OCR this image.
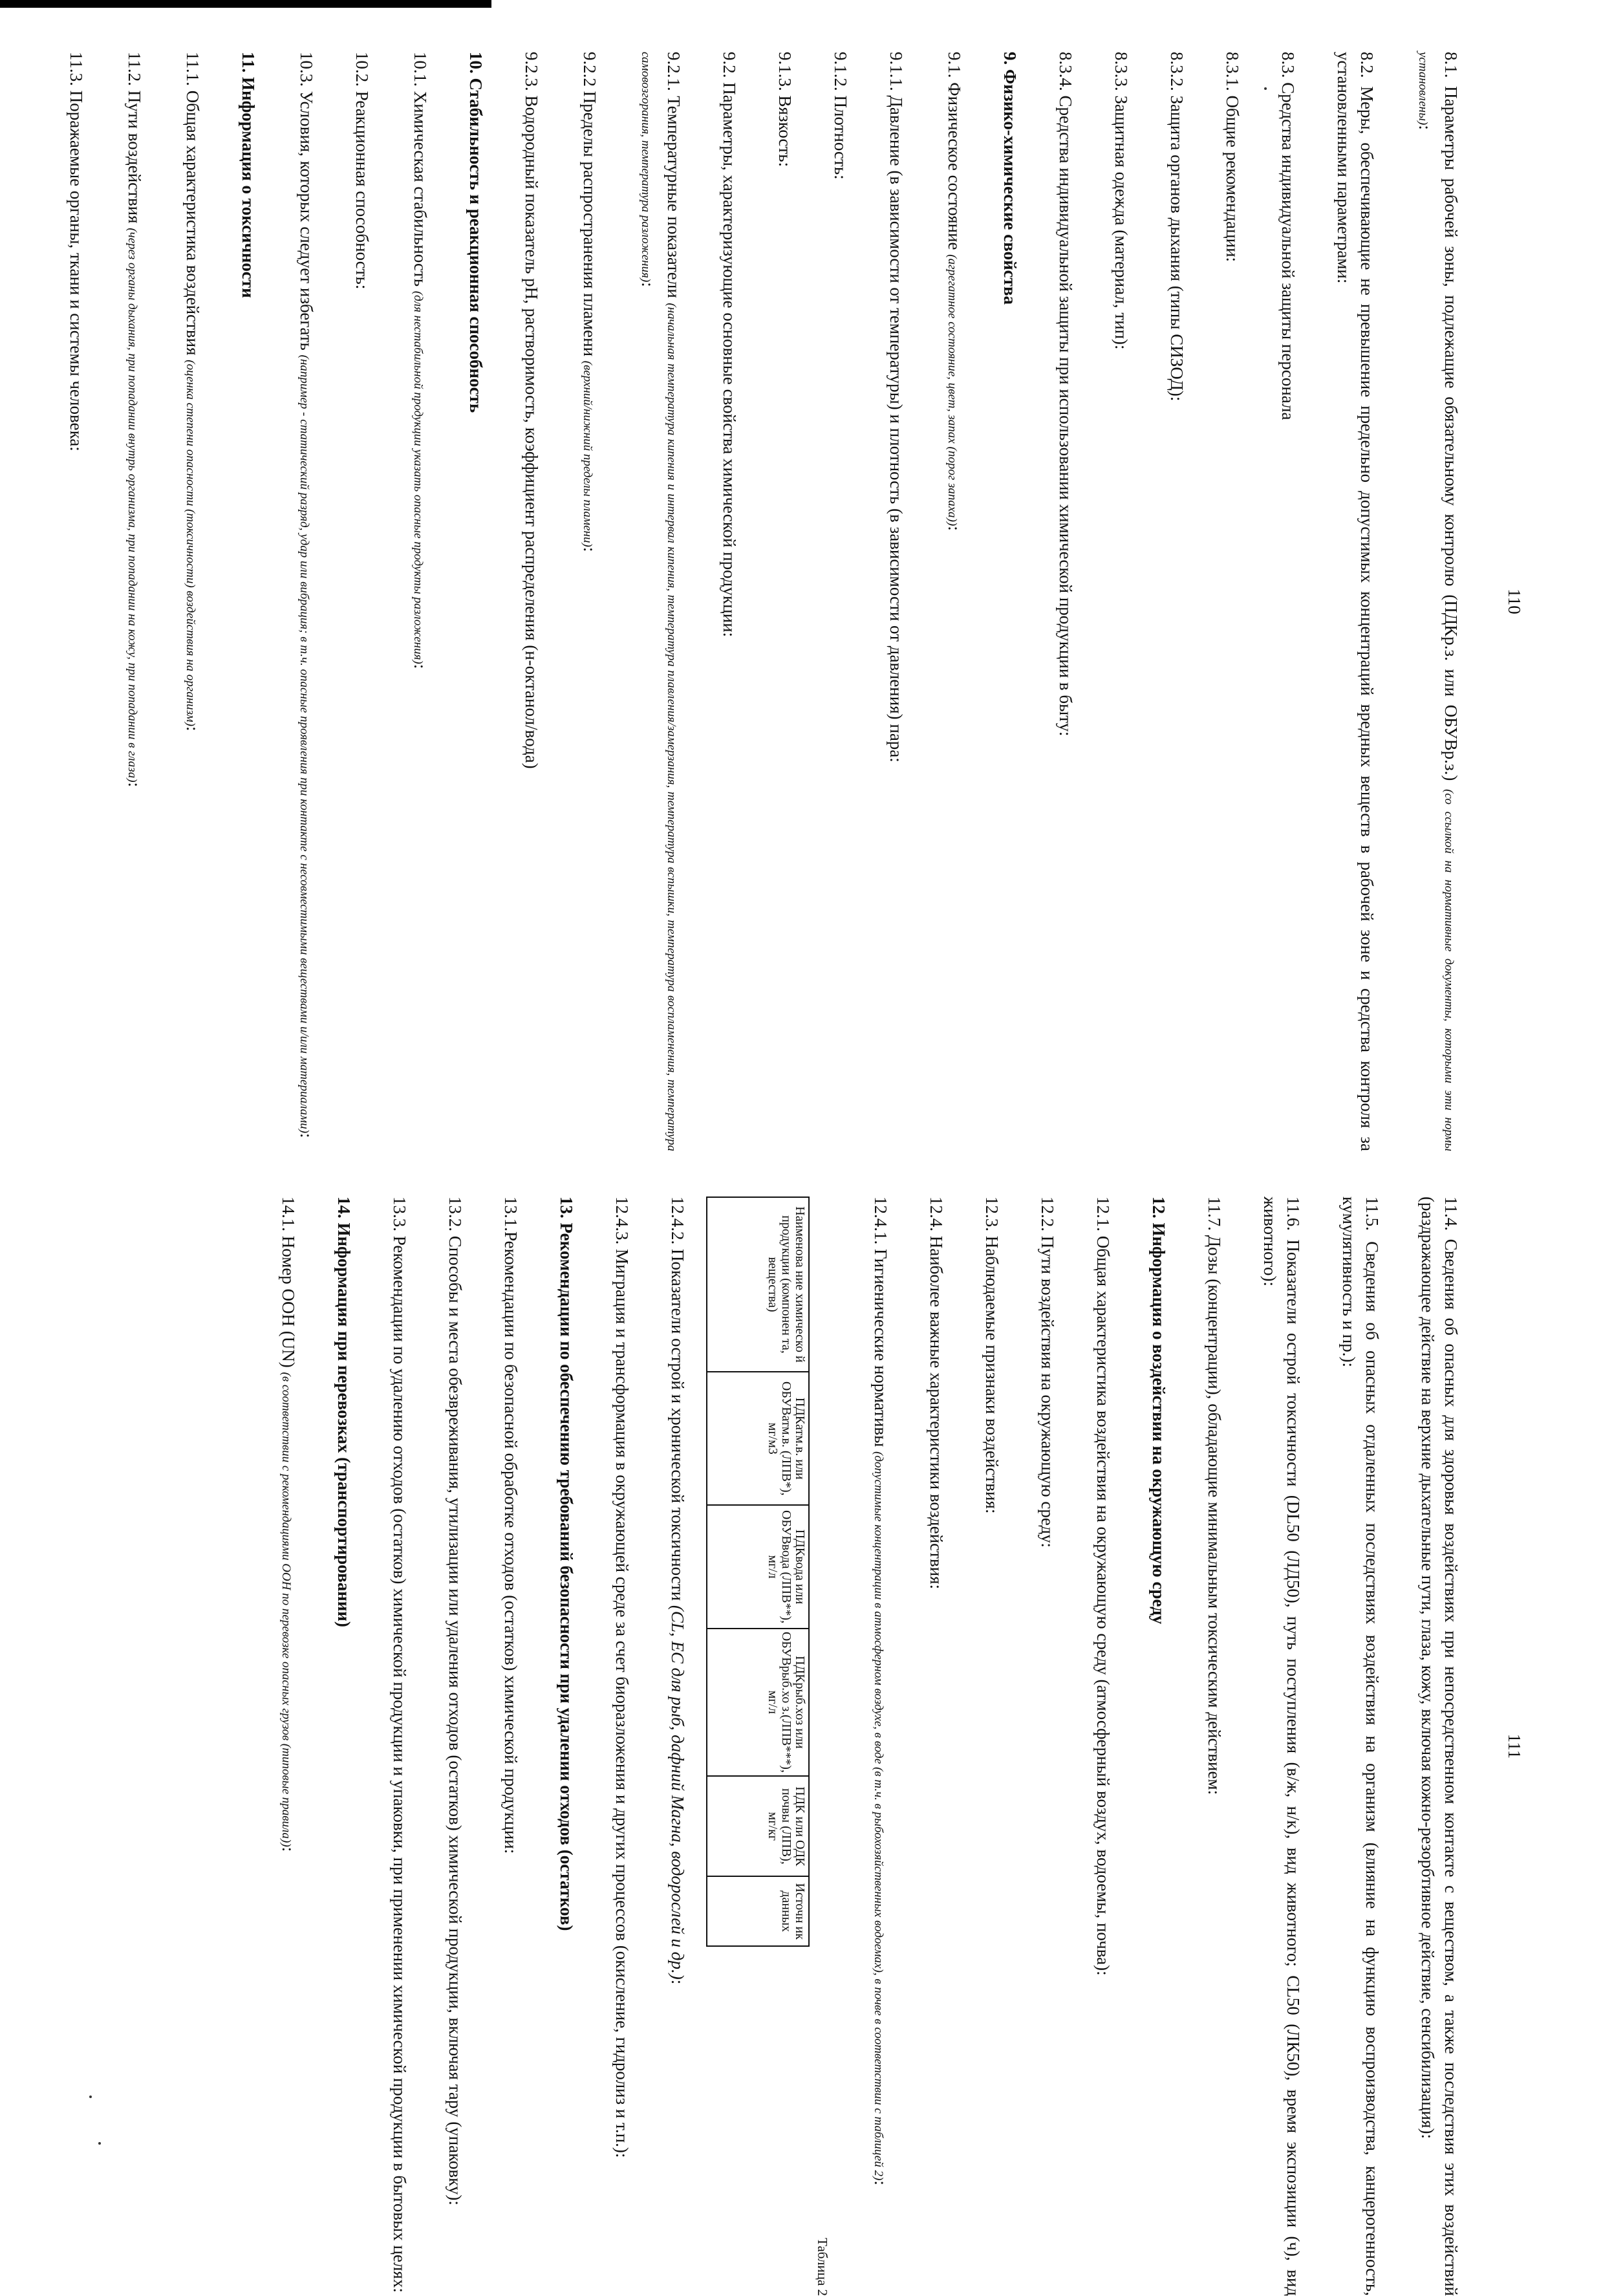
111

11.4. Сведения об опасных для здоровья воздействиях при непосредственном контакте с веществом, а также последствия этих воздействий (раздражающее действие на верхние дыхательные пути, глаза, кожу, включая кожно-резорбтивное действие, сенсибилизация):

11.5. Сведения об опасных отдаленных последствиях воздействия на организм (влияние на функцию воспроизводства, канцерогенность, кумулятивность и пр.):

11.6. Показатели острой токсичности (DL50 (ЛД50), путь поступления (в/ж, н/к), вид животного; CL50 (ЛК50), время экспозиции (ч), вид животного):

11.7. Дозы (концентрации), обладающие минимальным токсическим действием:

12. Информация о воздействии на окружающую среду

12.1. Общая характеристика воздействия на окружающую среду (атмосферный воздух, водоемы, почва):

12.2. Пути воздействия на окружающую среду:

12.3. Наблюдаемые признаки воздействия:

12.4. Наиболее важные характеристики воздействия:

12.4.1. Гигиенические нормативы (допустимые концентрации в атмосферном воздухе, в воде (в т.ч. в рыбохозяйственных водоемах), в почве в соответствии с таблицей 2):

Таблица 2

Наименова ние химическо й продукции (компонен та, вещества)	ПДКатм.в. или ОБУВатм.в. (ЛПВ*), мг/м3	ПДКвода или ОБУВвода (ЛПВ**), мг/л	ПДКрыб.хоз или ОБУВрыб.хо з.(ЛПВ***), мг/л	ПДК или ОДК почвы (ЛПВ), мг/кг	Источн ик данных

12.4.2. Показатели острой и хронической токсичности (CL, EC для рыб, дафний Магна, водорослей и др.):

12.4.3. Миграция и трансформация в окружающей среде за счет биоразложения и других процессов (окисление, гидролиз и т.п.):

13. Рекомендации по обеспечению требований безопасности при удалении отходов (остатков)

13.1.Рекомендации по безопасной обработке отходов (остатков) химической продукции:

13.2. Способы и места обезвреживания, утилизации или удаления отходов (остатков) химической продукции, включая тару (упаковку):

13.3. Рекомендации по удалению отходов (остатков) химической продукции и упаковки, при применении химической продукции в бытовых целях:

14. Информация при перевозках (транспортировании)

14.1. Номер ООН (UN) (в соответствии с рекомендациями ООН по перевозке опасных грузов (типовые правила)):

110

8.1. Параметры рабочей зоны, подлежащие обязательному контролю (ПДКр.з. или ОБУВр.з.) (со ссылкой на нормативные документы, которыми эти нормы установлены):

8.2. Меры, обеспечивающие не превышение предельно допустимых концентраций вредных веществ в рабочей зоне и средства контроля за установленными параметрами:

8.3. Средства индивидуальной защиты персонала

8.3.1. Общие рекомендации:

8.3.2. Защита органов дыхания (типы СИЗОД):

8.3.3. Защитная одежда (материал, тип):

8.3.4. Средства индивидуальной защиты при использовании химической продукции в быту:

9. Физико-химические свойства

9.1. Физическое состояние (агрегатное состояние, цвет, запах (порог запаха)):

9.1.1. Давление (в зависимости от температуры) и плотность (в зависимости от давления) пара:

9.1.2. Плотность:

9.1.3. Вязкость:

9.2. Параметры, характеризующие основные свойства химической продукции:

9.2.1. Температурные показатели (начальная температура кипения и интервал кипения, температура плавления/замерзания, температура вспышки, температура воспламенения, температура самовозгорания, температура разложения):

9.2.2 Пределы распространения пламени (верхний/нижний пределы пламени):

9.2.3. Водородный показатель pH, растворимость, коэффициент распределения (н-октанол/вода)

10. Стабильность и реакционная способность

10.1. Химическая стабильность (для нестабильной продукции указать опасные продукты разложения):

10.2. Реакционная способность:

10.3. Условия, которых следует избегать (например - статический разряд, удар или вибрация; в т.ч. опасные проявления при контакте с несовместимыми веществами и/или материалами):

11. Информация о токсичности

11.1. Общая характеристика воздействия (оценка степени опасности (токсичности) воздействия на организм):

11.2. Пути воздействия (через органы дыхания, при попадании внутрь организма, при попадании на кожу, при попадании в глаза):

11.3. Поражаемые органы, ткани и системы человека:
